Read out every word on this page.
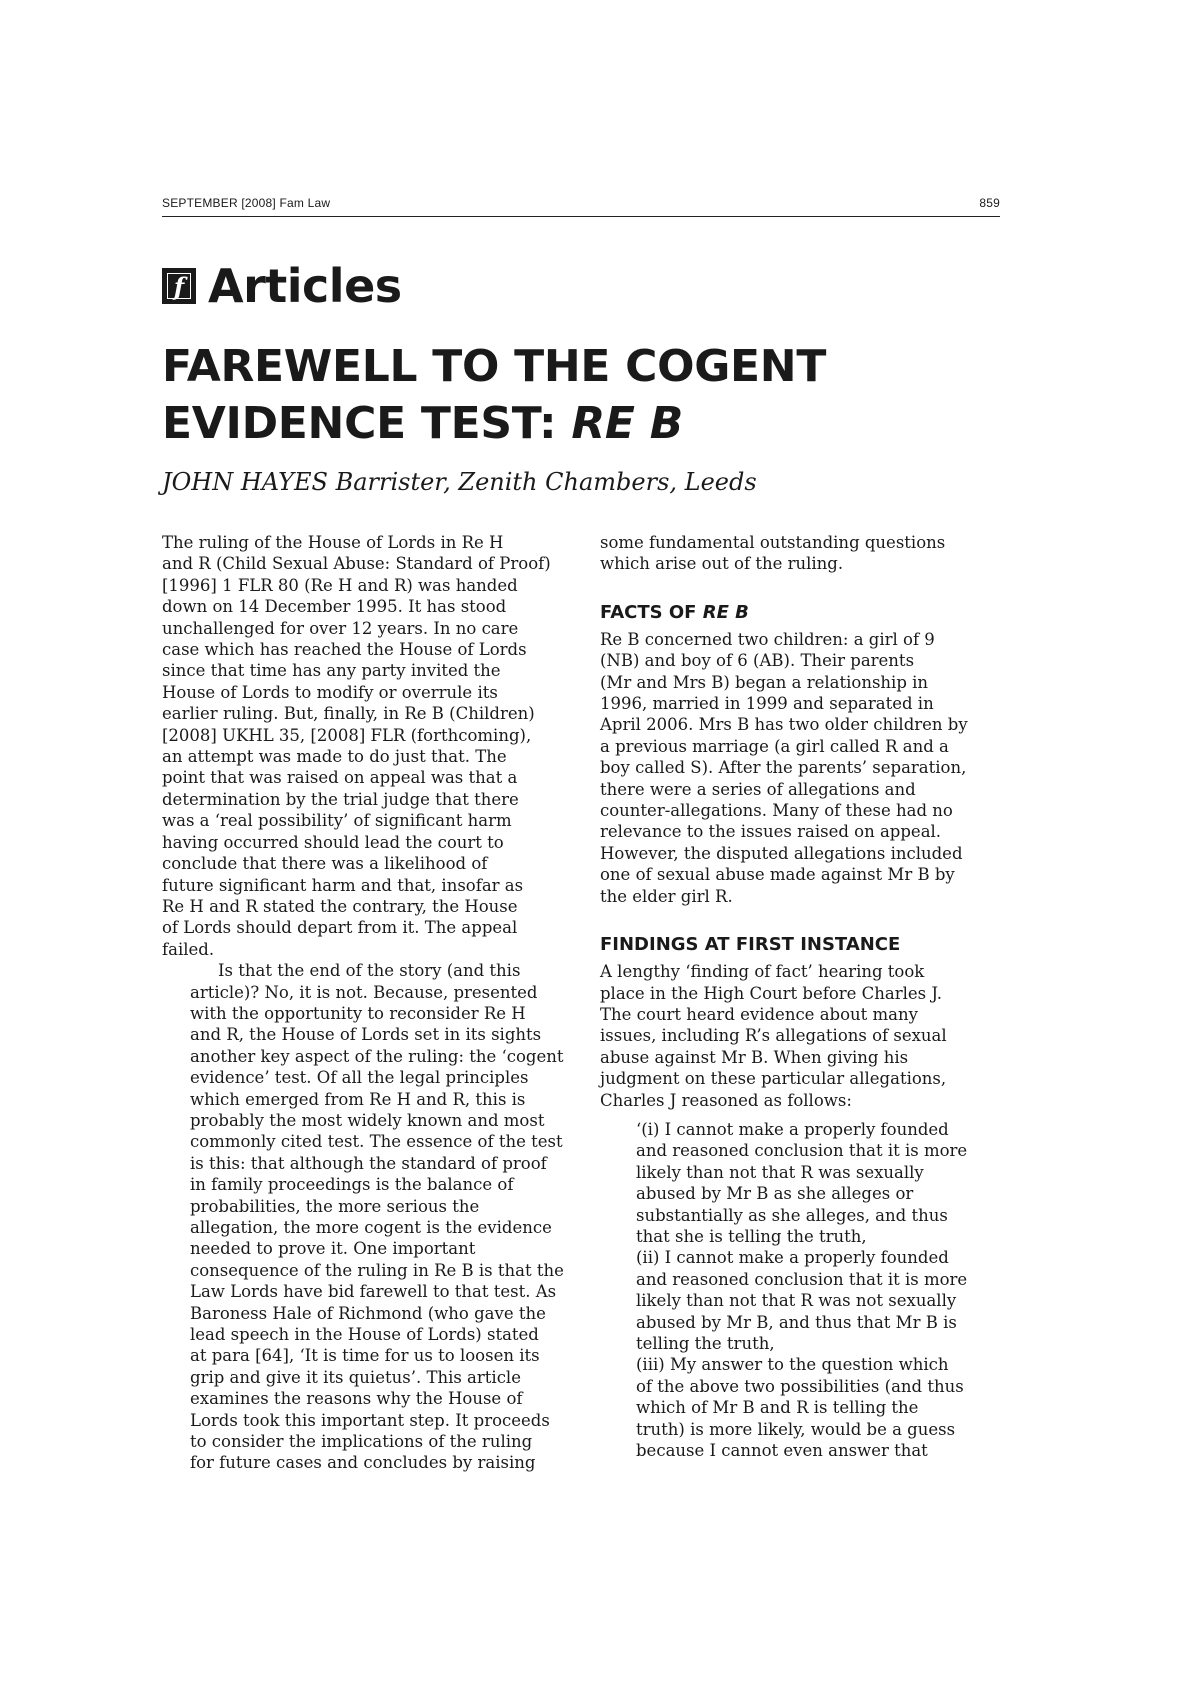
SEPTEMBER [2008] Fam Law	859
f Articles
FAREWELL TO THE COGENT
EVIDENCE TEST: RE B
JOHN HAYES Barrister, Zenith Chambers, Leeds

The ruling of the House of Lords in Re H
and R (Child Sexual Abuse: Standard of Proof)
[1996] 1 FLR 80 (Re H and R) was handed
down on 14 December 1995. It has stood
unchallenged for over 12 years. In no care
case which has reached the House of Lords
since that time has any party invited the
House of Lords to modify or overrule its
earlier ruling. But, finally, in Re B (Children)
[2008] UKHL 35, [2008] FLR (forthcoming),
an attempt was made to do just that. The
point that was raised on appeal was that a
determination by the trial judge that there
was a ‘real possibility’ of significant harm
having occurred should lead the court to
conclude that there was a likelihood of
future significant harm and that, insofar as
Re H and R stated the contrary, the House
of Lords should depart from it. The appeal
failed.

Is that the end of the story (and this
article)? No, it is not. Because, presented
with the opportunity to reconsider Re H
and R, the House of Lords set in its sights
another key aspect of the ruling: the ‘cogent
evidence’ test. Of all the legal principles
which emerged from Re H and R, this is
probably the most widely known and most
commonly cited test. The essence of the test
is this: that although the standard of proof
in family proceedings is the balance of
probabilities, the more serious the
allegation, the more cogent is the evidence
needed to prove it. One important
consequence of the ruling in Re B is that the
Law Lords have bid farewell to that test. As
Baroness Hale of Richmond (who gave the
lead speech in the House of Lords) stated
at para [64], ‘It is time for us to loosen its
grip and give it its quietus’. This article
examines the reasons why the House of
Lords took this important step. It proceeds
to consider the implications of the ruling
for future cases and concludes by raising

some fundamental outstanding questions
which arise out of the ruling.

FACTS OF RE B

Re B concerned two children: a girl of 9
(NB) and boy of 6 (AB). Their parents
(Mr and Mrs B) began a relationship in
1996, married in 1999 and separated in
April 2006. Mrs B has two older children by
a previous marriage (a girl called R and a
boy called S). After the parents’ separation,
there were a series of allegations and
counter-allegations. Many of these had no
relevance to the issues raised on appeal.
However, the disputed allegations included
one of sexual abuse made against Mr B by
the elder girl R.

FINDINGS AT FIRST INSTANCE

A lengthy ‘finding of fact’ hearing took
place in the High Court before Charles J.
The court heard evidence about many
issues, including R’s allegations of sexual
abuse against Mr B. When giving his
judgment on these particular allegations,
Charles J reasoned as follows:

‘(i) I cannot make a properly founded
and reasoned conclusion that it is more
likely than not that R was sexually
abused by Mr B as she alleges or
substantially as she alleges, and thus
that she is telling the truth,
(ii) I cannot make a properly founded
and reasoned conclusion that it is more
likely than not that R was not sexually
abused by Mr B, and thus that Mr B is
telling the truth,
(iii) My answer to the question which
of the above two possibilities (and thus
which of Mr B and R is telling the
truth) is more likely, would be a guess
because I cannot even answer that
